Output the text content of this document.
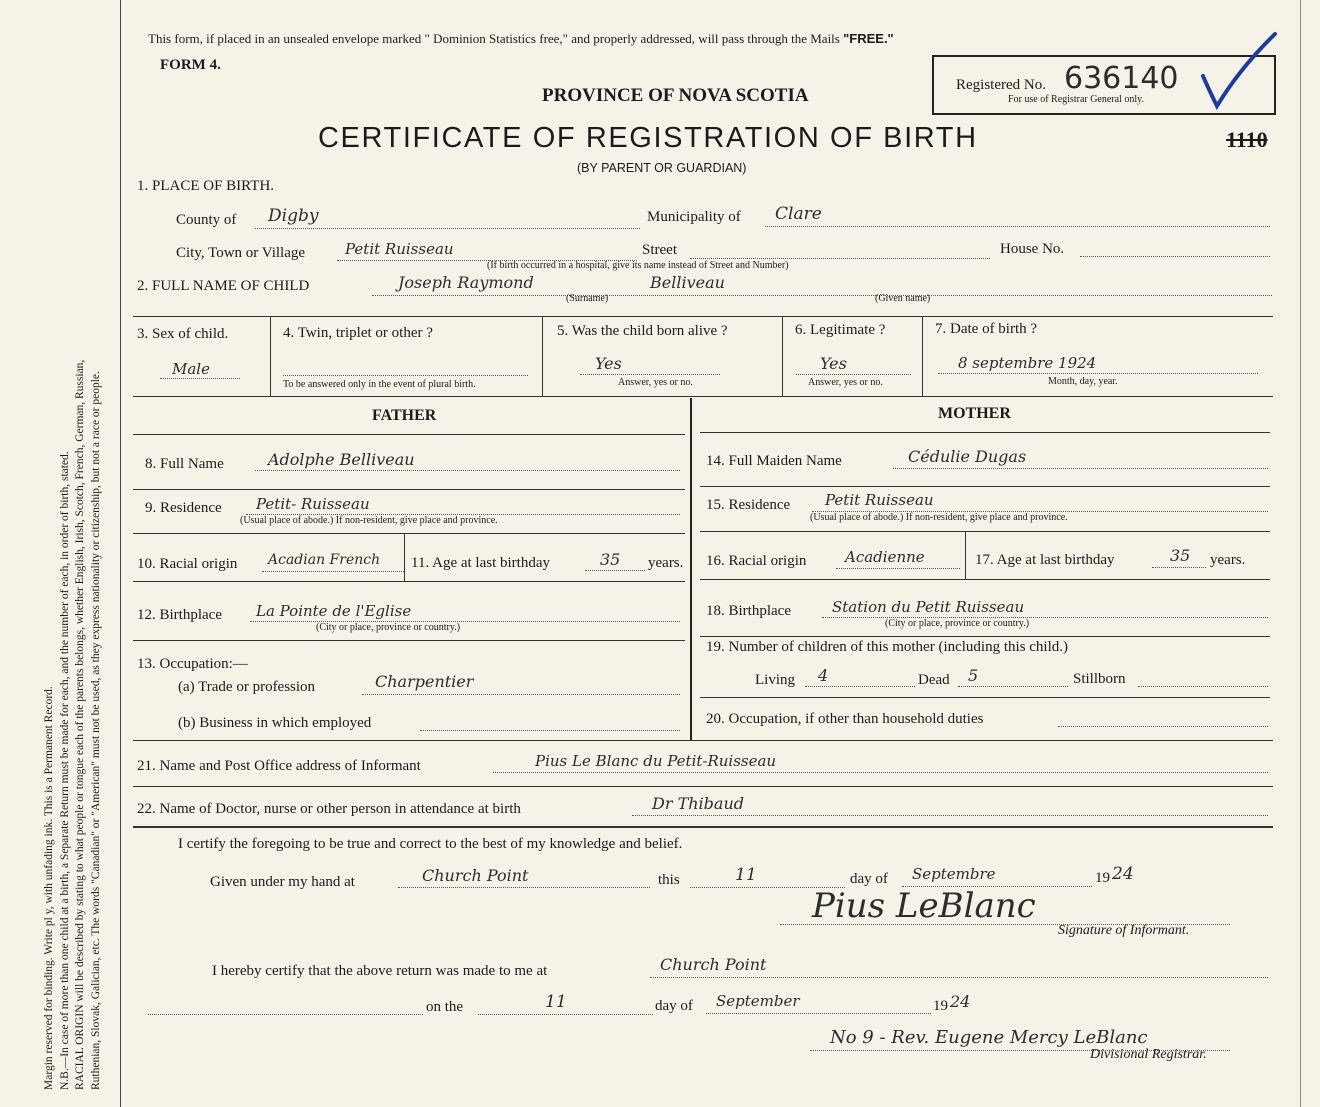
Margin reserved for binding. Write pl y, with unfading ink. This is a Permanent Record. N.B.—In case of more than one child at a birth, a Separate Return must be made for each, and the number of each, in order of birth, stated. RACIAL ORIGIN will be described by stating to what people or tongue each of the parents belongs, whether English, Irish, Scotch, French, German, Russian, Ruthenian, Slovak, Galician, etc. The words "Canadian" or "American" must not be used, as they express nationality or citizenship, but not a race or people.
This form, if placed in an unsealed envelope marked " Dominion Statistics free," and properly addressed, will pass through the Mails "FREE."
FORM 4.
PROVINCE OF NOVA SCOTIA
CERTIFICATE OF REGISTRATION OF BIRTH
(BY PARENT OR GUARDIAN)
Registered No. 636140
For use of Registrar General only.
1110
1. PLACE OF BIRTH.
County of Digby	Municipality of Clare
City, Town or Village	Petit Ruisseau	Street	House No.
(If birth occurred in a hospital, give its name instead of Street and Number)
2. FULL NAME OF CHILD	Joseph Raymond	Belliveau
(Surname)	(Given name)
3. Sex of child.
Male
4. Twin, triplet or other ?
To be answered only in the event of plural birth.
5. Was the child born alive ?
Yes
Answer, yes or no.
6. Legitimate ?
Yes
Answer, yes or no.
7. Date of birth ?
8 septembre 1924
Month, day, year.
FATHER	MOTHER
8. Full Name	Adolphe Belliveau
9. Residence Petit- Ruisseau
(Usual place of abode.) If non-resident, give place and province.
10. Racial origin Acadian French 11. Age at last birthday	35 years.
12. Birthplace La Pointe de l'Eglise
(City or place, province or country.)
13. Occupation:—
(a) Trade or profession	Charpentier
(b) Business in which employed
14. Full Maiden Name	Cédulie Dugas
15. Residence Petit Ruisseau
(Usual place of abode.) If non-resident, give place and province.
16. Racial origin	Acadienne	17. Age at last birthday	35 years.
18. Birthplace	Station du Petit Ruisseau
(City or place, province or country.)
19. Number of children of this mother (including this child.)
Living 4	Dead 5	Stillborn
20. Occupation, if other than household duties
21. Name and Post Office address of Informant	Pius Le Blanc du Petit-Ruisseau
22. Name of Doctor, nurse or other person in attendance at birth	Dr Thibaud
I certify the foregoing to be true and correct to the best of my knowledge and belief.
Given under my hand at	Church Point	this	11	day of Septembre	19 24
Pius LeBlanc
Signature of Informant.
I hereby certify that the above return was made to me at	Church Point
on the	11	day of September	19 24
No 9 - Rev. Eugene Mercy LeBlanc
Divisional Registrar.
